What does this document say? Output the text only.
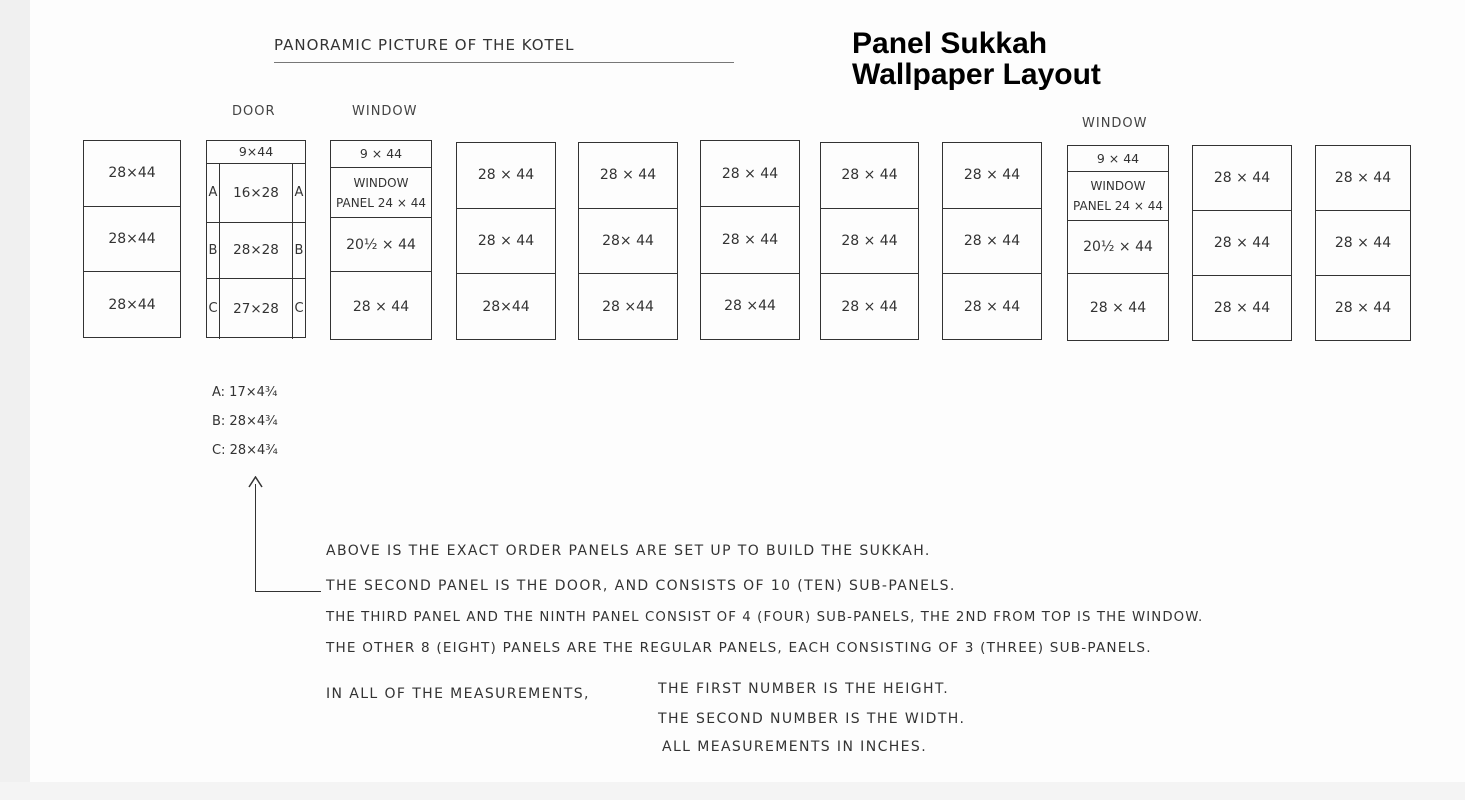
Panel Sukkah
Wallpaper Layout
PANORAMIC PICTURE OF THE KOTEL
DOOR	WINDOW
WINDOW
28×44
28×44
28×44
9×44
A	16×28	A
B	28×28	B
C	27×28	C
9 × 44
WINDOW PANEL 24 × 44
20½ × 44
28 × 44
28 × 44
28 × 44
28×44
28 × 44
28× 44
28 ×44
28 × 44
28 × 44
28 ×44
28 × 44
28 × 44
28 × 44
28 × 44
28 × 44
28 × 44
9 × 44
WINDOW PANEL 24 × 44
20½ × 44
28 × 44
28 × 44
28 × 44
28 × 44
28 × 44
28 × 44
28 × 44
A: 17×4¾
B: 28×4¾
C: 28×4¾
ABOVE IS THE EXACT ORDER PANELS ARE SET UP TO BUILD THE SUKKAH.
THE SECOND PANEL IS THE DOOR, AND CONSISTS OF 10 (TEN) SUB-PANELS.
THE THIRD PANEL AND THE NINTH PANEL CONSIST OF 4 (FOUR) SUB-PANELS, THE 2ND FROM TOP IS THE WINDOW.
THE OTHER 8 (EIGHT) PANELS ARE THE REGULAR PANELS, EACH CONSISTING OF 3 (THREE) SUB-PANELS.
IN ALL OF THE MEASUREMENTS,	THE FIRST NUMBER IS THE HEIGHT.
THE SECOND NUMBER IS THE WIDTH.
ALL MEASUREMENTS IN INCHES.
